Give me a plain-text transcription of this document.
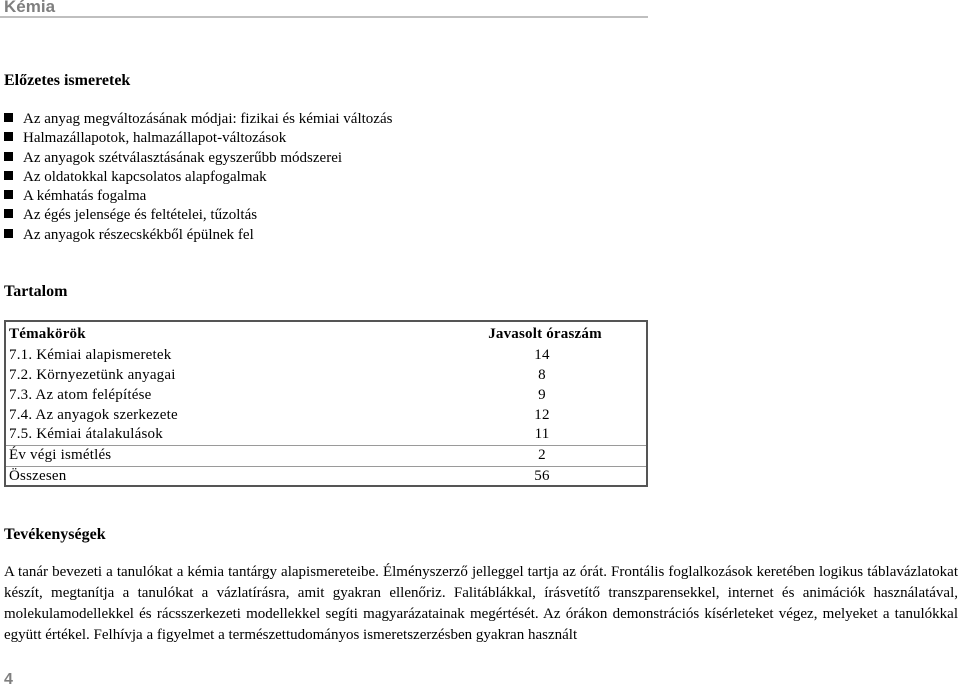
Kémia
Előzetes ismeretek
Az anyag megváltozásának módjai: fizikai és kémiai változás
Halmazállapotok, halmazállapot-változások
Az anyagok szétválasztásának egyszerűbb módszerei
Az oldatokkal kapcsolatos alapfogalmak
A kémhatás fogalma
Az égés jelensége és feltételei, tűzoltás
Az anyagok részecskékből épülnek fel
Tartalom
Témakörök	Javasolt óraszám
7.1. Kémiai alapismeretek	14
7.2. Környezetünk anyagai	8
7.3. Az atom felépítése	9
7.4. Az anyagok szerkezete	12
7.5. Kémiai átalakulások	11
Év végi ismétlés	2
Összesen	56
Tevékenységek

A tanár bevezeti a tanulókat a kémia tantárgy alapismereteibe. Élményszerző jelleggel tartja az órát. Frontális foglalkozások keretében logikus táblavázlatokat készít, megtanítja a tanulókat a vázlatírásra, amit gyakran ellenőriz. Falitáblákkal, írásvetítő transzparensekkel, internet és animációk használatával, molekulamodellekkel és rácsszerkezeti modellekkel segíti magyarázatainak megértését. Az órákon demonstrációs kísérleteket végez, melyeket a tanulókkal együtt értékel. Felhívja a figyelmet a természettudományos ismeretszerzésben gyakran használt

4
